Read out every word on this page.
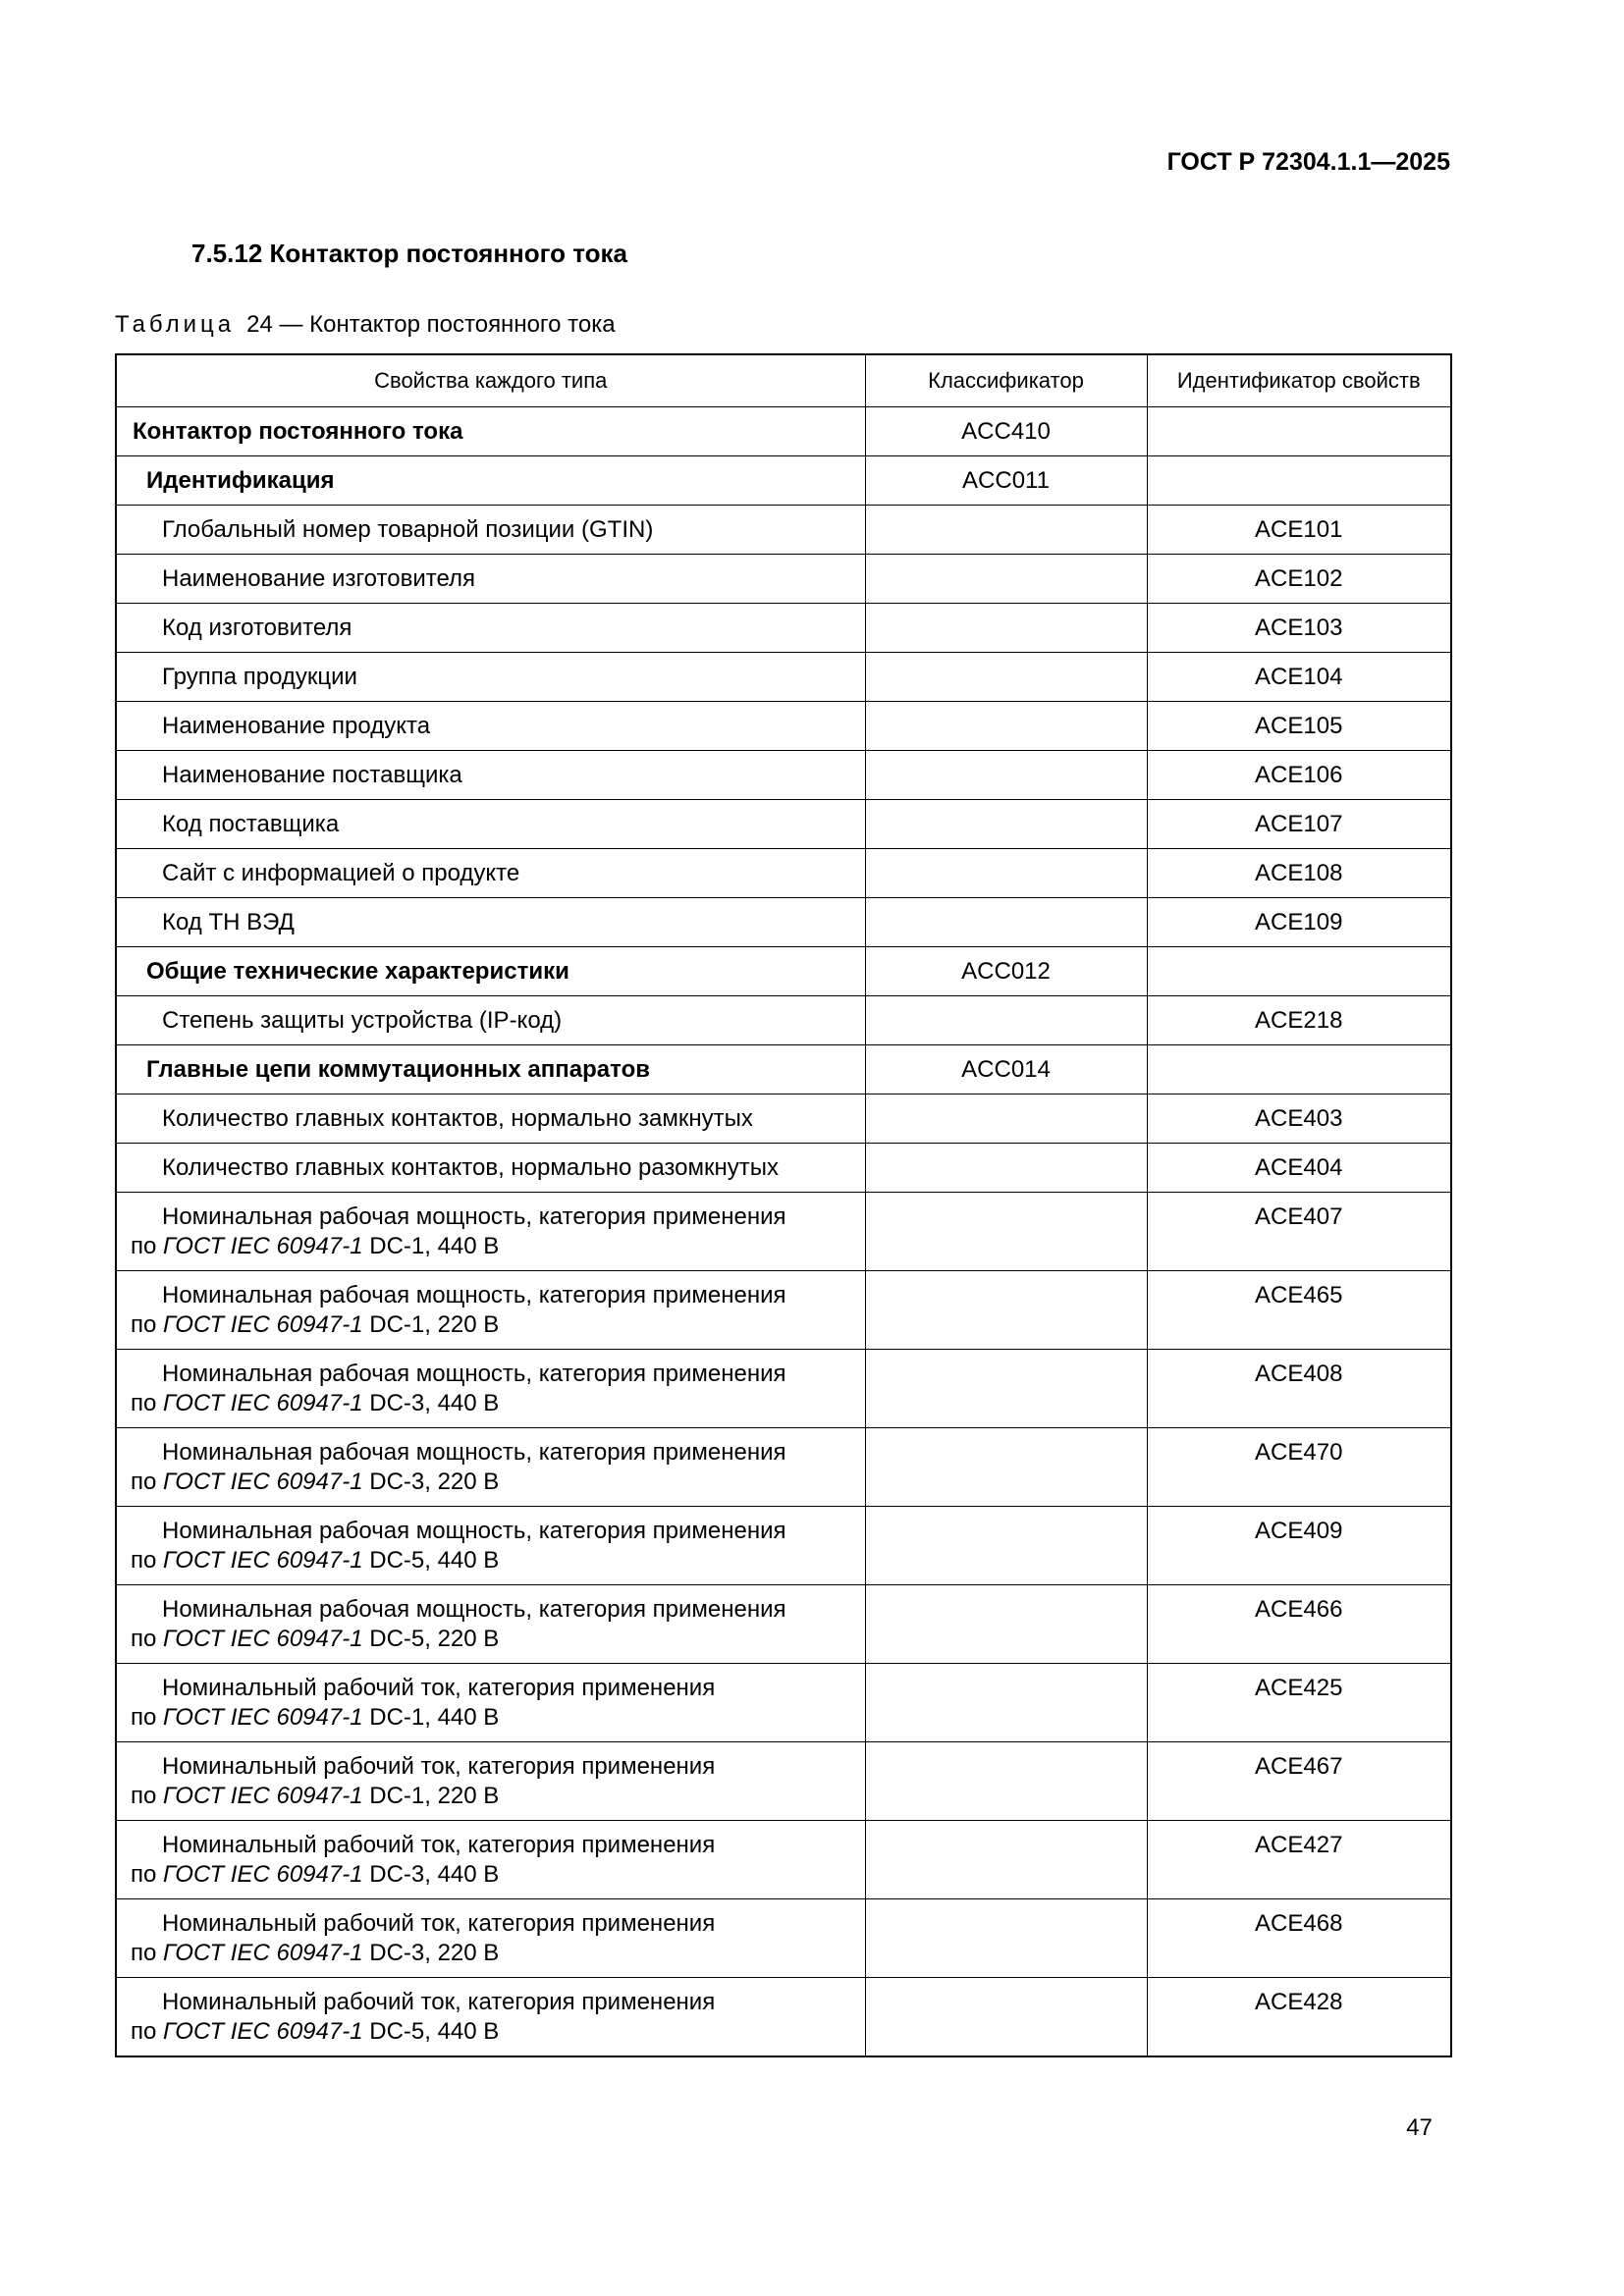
ГОСТ Р 72304.1.1—2025
7.5.12 Контактор постоянного тока
Таблица 24 — Контактор постоянного тока
Свойства каждого типа	Классификатор	Идентификатор свойств
Контактор постоянного тока	ACC410	
Идентификация	ACC011	
Глобальный номер товарной позиции (GTIN)		ACE101
Наименование изготовителя		ACE102
Код изготовителя		ACE103
Группа продукции		ACE104
Наименование продукта		ACE105
Наименование поставщика		ACE106
Код поставщика		ACE107
Сайт с информацией о продукте		ACE108
Код ТН ВЭД		ACE109
Общие технические характеристики	ACC012	
Степень защиты устройства (IP-код)		ACE218
Главные цепи коммутационных аппаратов	ACC014	
Количество главных контактов, нормально замкнутых		ACE403
Количество главных контактов, нормально разомкнутых		ACE404
Номинальная рабочая мощность, категория применения
по ГОСТ IEC 60947-1 DC-1, 440 В		ACE407
Номинальная рабочая мощность, категория применения
по ГОСТ IEC 60947-1 DC-1, 220 В		ACE465
Номинальная рабочая мощность, категория применения
по ГОСТ IEC 60947-1 DC-3, 440 В		ACE408
Номинальная рабочая мощность, категория применения
по ГОСТ IEC 60947-1 DC-3, 220 В		ACE470
Номинальная рабочая мощность, категория применения
по ГОСТ IEC 60947-1 DC-5, 440 В		ACE409
Номинальная рабочая мощность, категория применения
по ГОСТ IEC 60947-1 DC-5, 220 В		ACE466
Номинальный рабочий ток, категория применения
по ГОСТ IEC 60947-1 DC-1, 440 В		ACE425
Номинальный рабочий ток, категория применения
по ГОСТ IEC 60947-1 DC-1, 220 В		ACE467
Номинальный рабочий ток, категория применения
по ГОСТ IEC 60947-1 DC-3, 440 В		ACE427
Номинальный рабочий ток, категория применения
по ГОСТ IEC 60947-1 DC-3, 220 В		ACE468
Номинальный рабочий ток, категория применения
по ГОСТ IEC 60947-1 DC-5, 440 В		ACE428
47
